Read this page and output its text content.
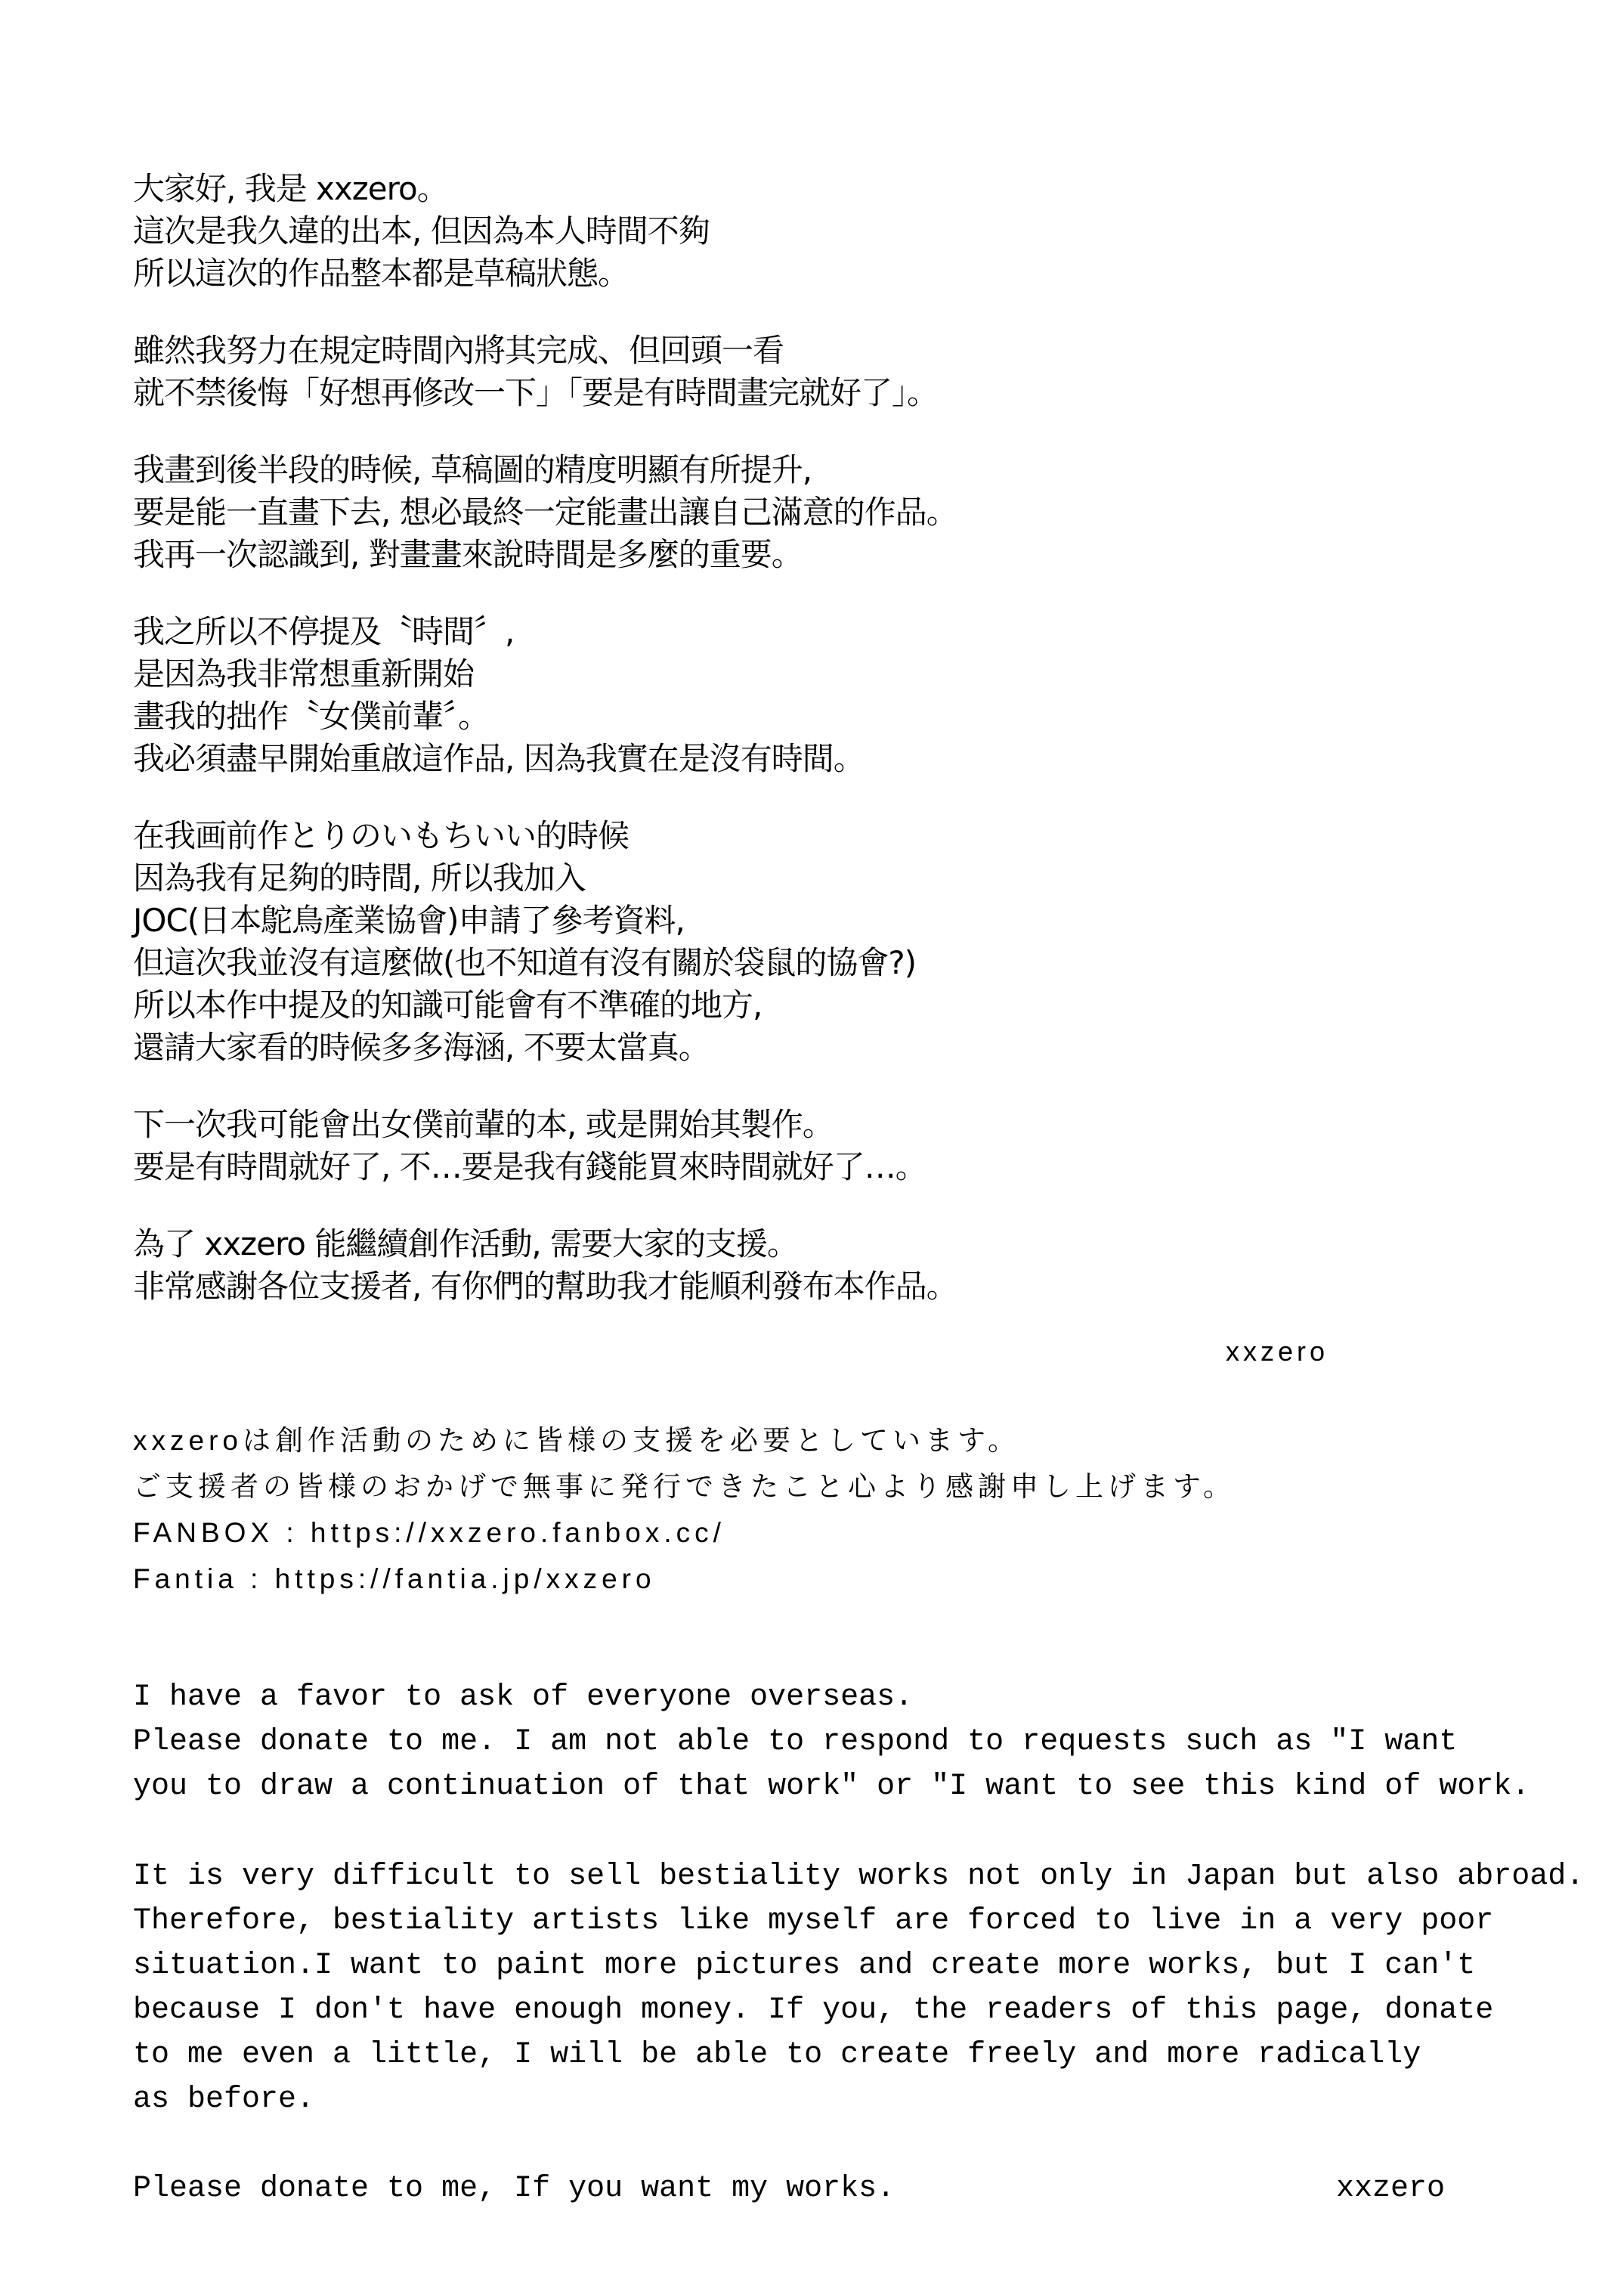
大家好, 我是 xxzero。
這次是我久違的出本, 但因為本人時間不夠
所以這次的作品整本都是草稿狀態。
雖然我努力在規定時間內將其完成、但回頭一看
就不禁後悔「好想再修改一下」「要是有時間畫完就好了」。
我畫到後半段的時候, 草稿圖的精度明顯有所提升,
要是能一直畫下去, 想必最終一定能畫出讓自己滿意的作品。
我再一次認識到, 對畫畫來說時間是多麼的重要。
我之所以不停提及〝時間〞,
是因為我非常想重新開始
畫我的拙作〝女僕前輩〞。
我必須盡早開始重啟這作品, 因為我實在是沒有時間。
在我画前作とりのいもちいい的時候
因為我有足夠的時間, 所以我加入
JOC(日本鴕鳥產業協會)申請了參考資料,
但這次我並沒有這麼做(也不知道有沒有關於袋鼠的協會?)
所以本作中提及的知識可能會有不準確的地方,
還請大家看的時候多多海涵, 不要太當真。
下一次我可能會出女僕前輩的本, 或是開始其製作。
要是有時間就好了, 不…要是我有錢能買來時間就好了…。
為了 xxzero 能繼續創作活動, 需要大家的支援。
非常感謝各位支援者, 有你們的幫助我才能順利發布本作品。
xxzero
xxzeroは創作活動のために皆様の支援を必要としています。
ご支援者の皆様のおかげで無事に発行できたこと心より感謝申し上げます。
FANBOX : https://xxzero.fanbox.cc/
Fantia : https://fantia.jp/xxzero
I have a favor to ask of everyone overseas.
Please donate to me. I am not able to respond to requests such as "I want
you to draw a continuation of that work" or "I want to see this kind of work.
It is very difficult to sell bestiality works not only in Japan but also abroad.
Therefore, bestiality artists like myself are forced to live in a very poor
situation.I want to paint more pictures and create more works, but I can't
because I don't have enough money. If you, the readers of this page, donate
to me even a little, I will be able to create freely and more radically
as before.
Please donate to me, If you want my works.	xxzero
